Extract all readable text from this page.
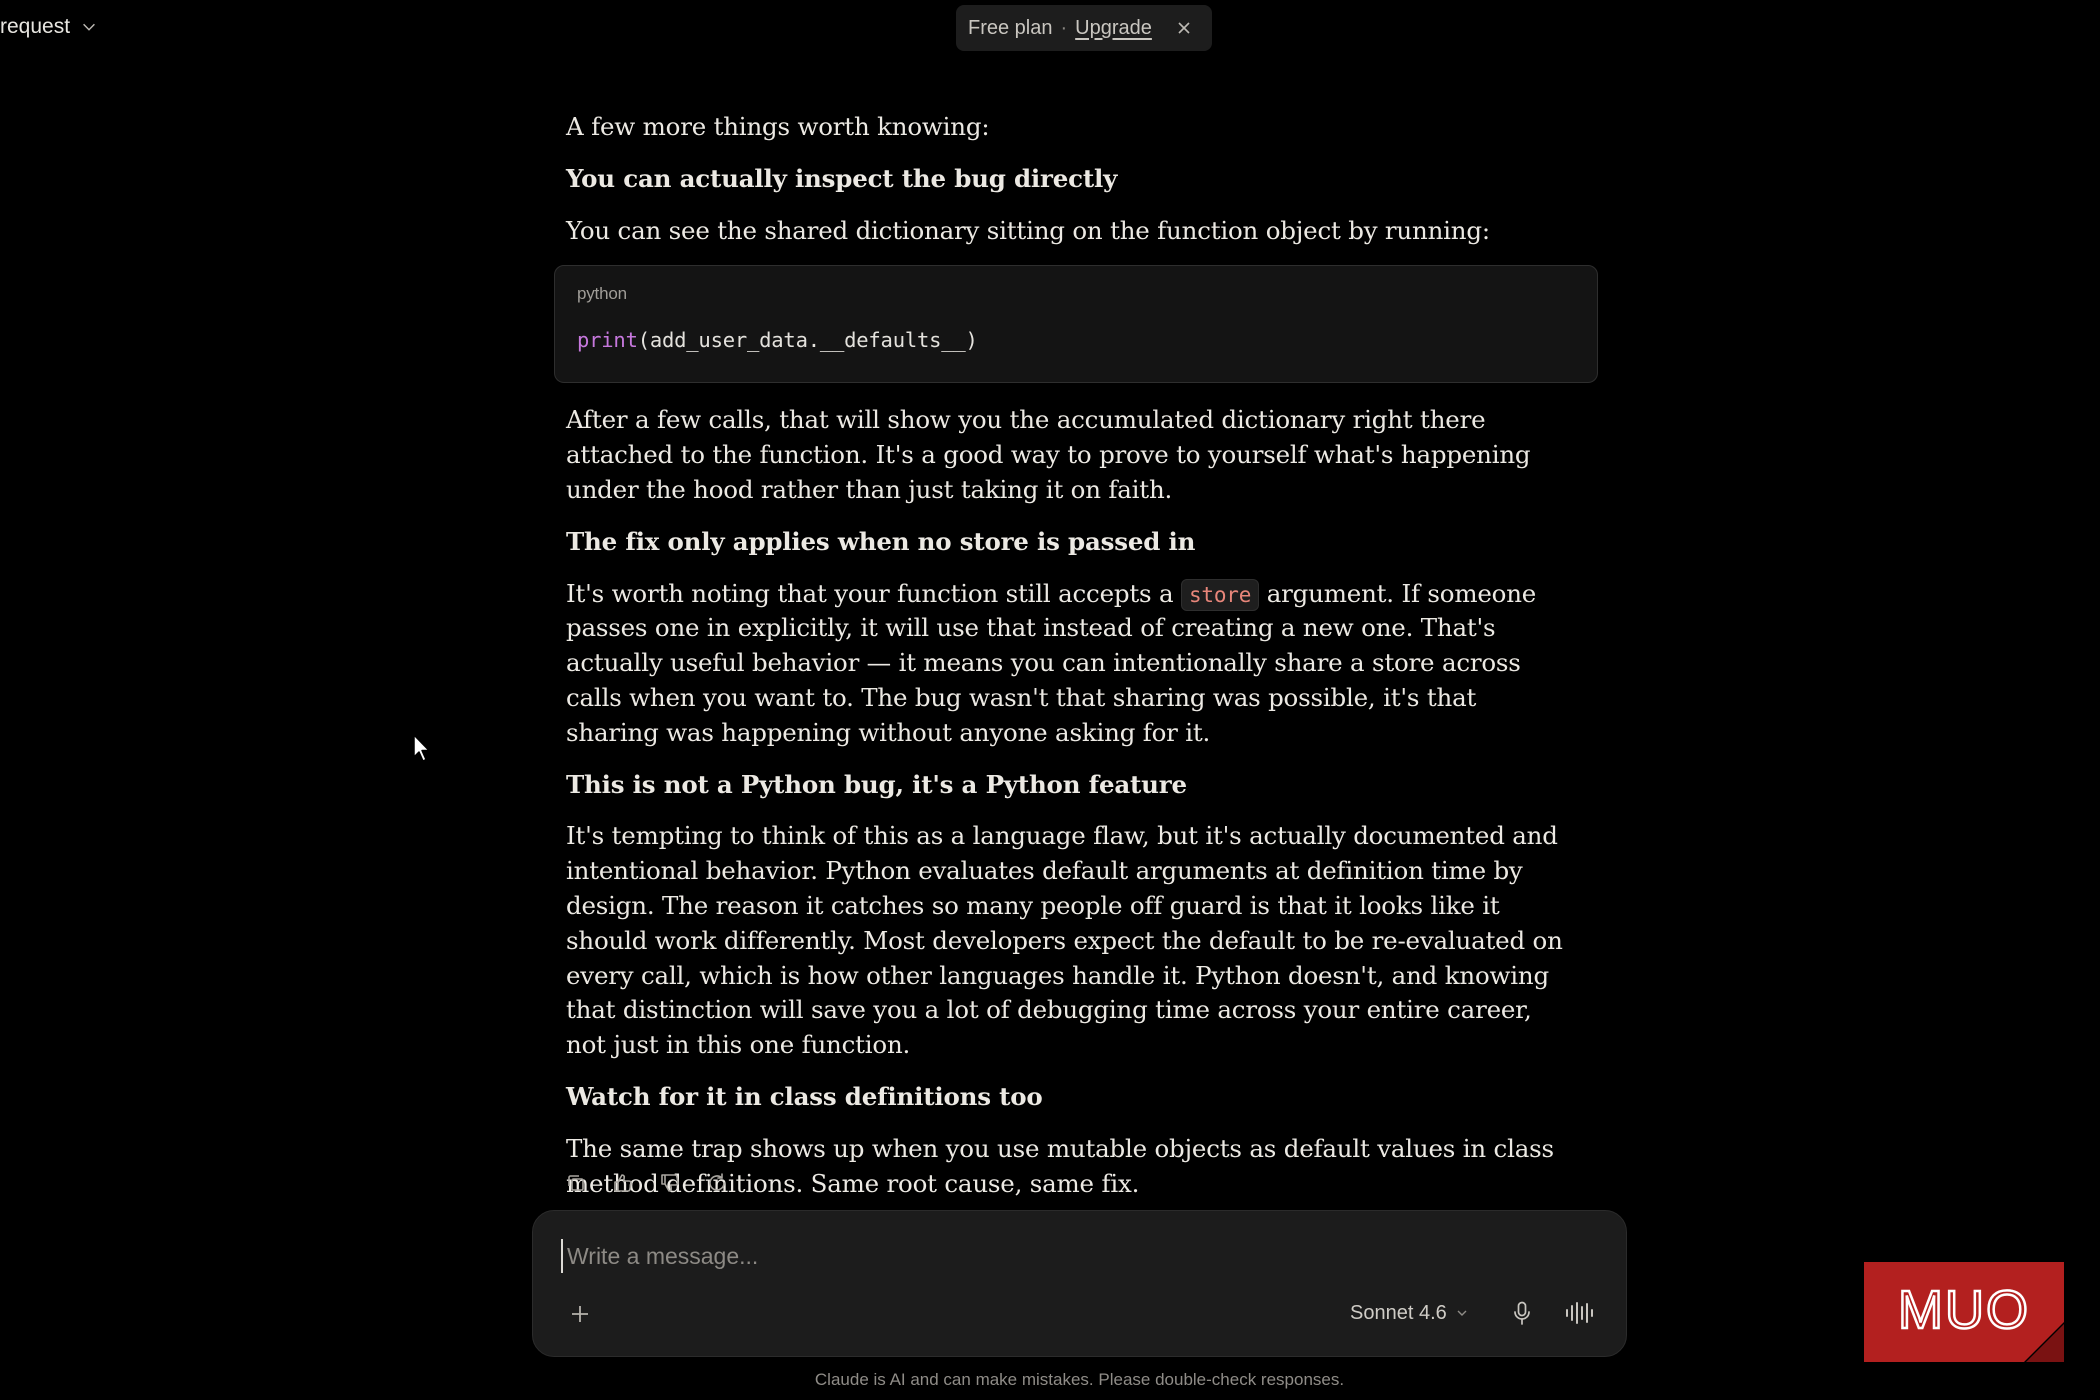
request	Free plan · Upgrade

A few more things worth knowing:

You can actually inspect the bug directly

You can see the shared dictionary sitting on the function object by running:

python
print(add_user_data.__defaults__)

After a few calls, that will show you the accumulated dictionary right there attached to the function. It's a good way to prove to yourself what's happening under the hood rather than just taking it on faith.

The fix only applies when no store is passed in

It's worth noting that your function still accepts a store argument. If someone passes one in explicitly, it will use that instead of creating a new one. That's actually useful behavior — it means you can intentionally share a store across calls when you want to. The bug wasn't that sharing was possible, it's that sharing was happening without anyone asking for it.

This is not a Python bug, it's a Python feature

It's tempting to think of this as a language flaw, but it's actually documented and intentional behavior. Python evaluates default arguments at definition time by design. The reason it catches so many people off guard is that it looks like it should work differently. Most developers expect the default to be re-evaluated on every call, which is how other languages handle it. Python doesn't, and knowing that distinction will save you a lot of debugging time across your entire career, not just in this one function.

Watch for it in class definitions too

The same trap shows up when you use mutable objects as default values in class method definitions. Same root cause, same fix.

Write a message...
Sonnet 4.6
Claude is AI and can make mistakes. Please double-check responses.
MUO
